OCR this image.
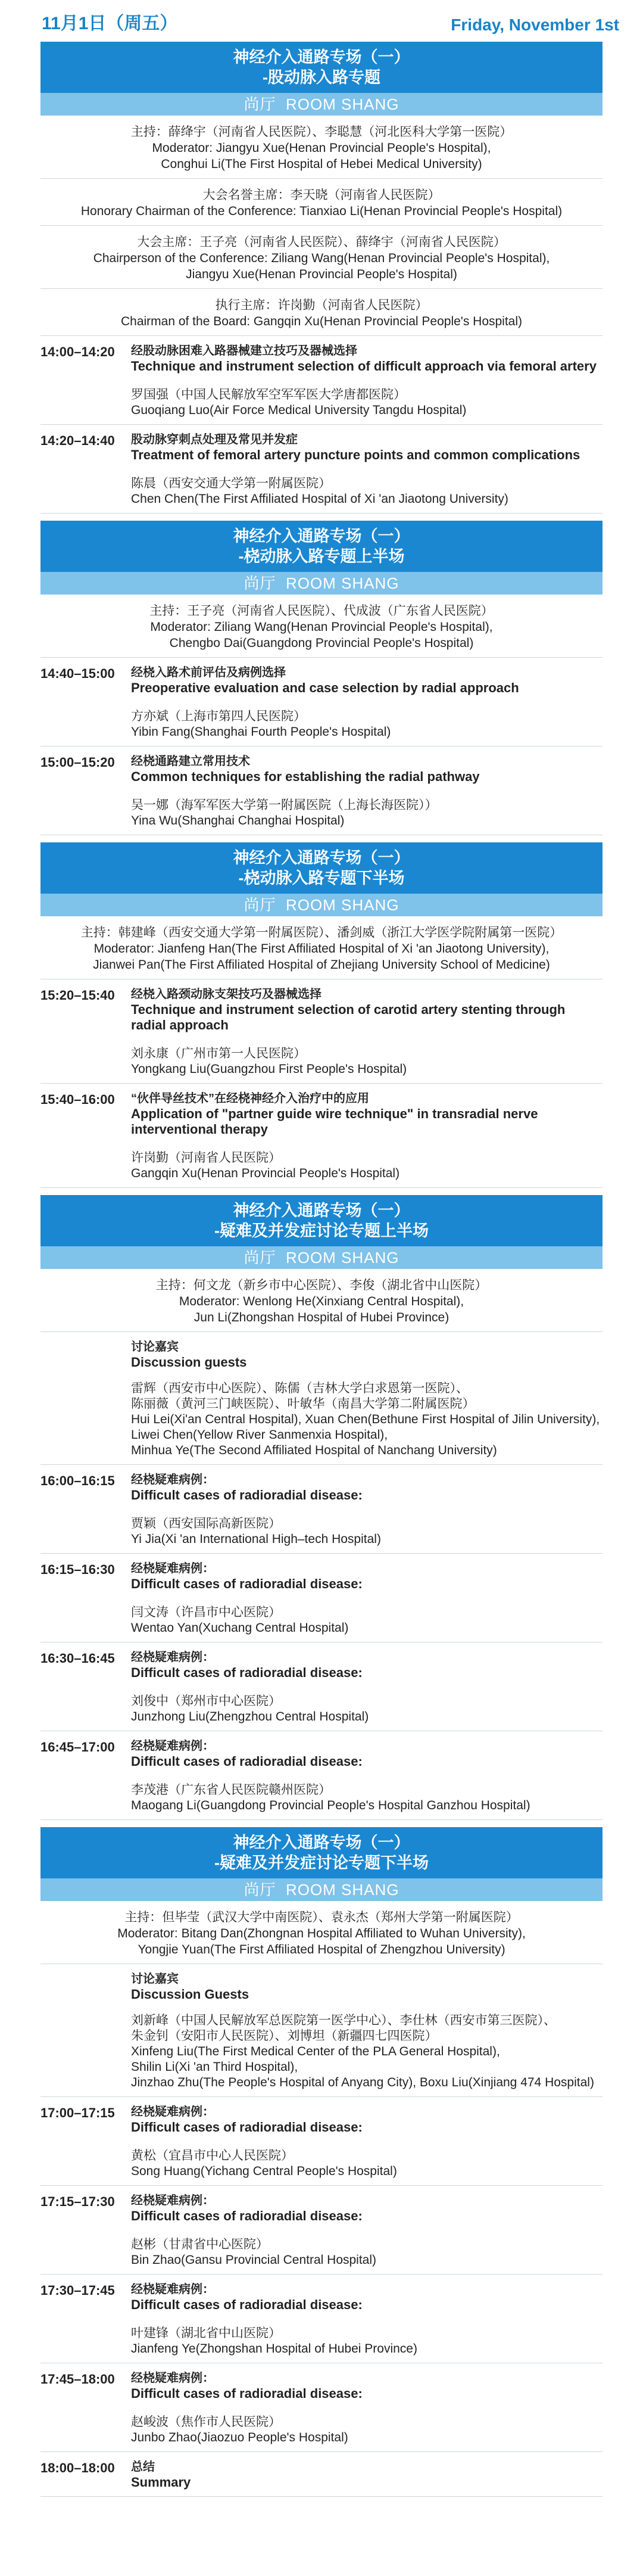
11月1日（周五）	Friday, November 1st
神经介入通路专场（一）
-股动脉入路专题
尚厅 ROOM SHANG
主持：薛绛宇（河南省人民医院）、李聪慧（河北医科大学第一医院）
Moderator: Jiangyu Xue(Henan Provincial People's Hospital),
Conghui Li(The First Hospital of Hebei Medical University)
大会名誉主席：李天晓（河南省人民医院）
Honorary Chairman of the Conference: Tianxiao Li(Henan Provincial People's Hospital)
大会主席：王子亮（河南省人民医院）、薛绛宇（河南省人民医院）
Chairperson of the Conference: Ziliang Wang(Henan Provincial People's Hospital),
Jiangyu Xue(Henan Provincial People's Hospital)
执行主席：许岗勤（河南省人民医院）
Chairman of the Board: Gangqin Xu(Henan Provincial People's Hospital)
14:00–14:20	经股动脉困难入路器械建立技巧及器械选择
Technique and instrument selection of difficult approach via femoral artery
罗国强（中国人民解放军空军军医大学唐都医院）
Guoqiang Luo(Air Force Medical University Tangdu Hospital)
14:20–14:40	股动脉穿刺点处理及常见并发症
Treatment of femoral artery puncture points and common complications
陈晨（西安交通大学第一附属医院）
Chen Chen(The First Affiliated Hospital of Xi 'an Jiaotong University)
神经介入通路专场（一）
-桡动脉入路专题上半场
尚厅 ROOM SHANG
主持：王子亮（河南省人民医院）、代成波（广东省人民医院）
Moderator: Ziliang Wang(Henan Provincial People's Hospital),
Chengbo Dai(Guangdong Provincial People's Hospital)
14:40–15:00	经桡入路术前评估及病例选择
Preoperative evaluation and case selection by radial approach
方亦斌（上海市第四人民医院）
Yibin Fang(Shanghai Fourth People's Hospital)
15:00–15:20	经桡通路建立常用技术
Common techniques for establishing the radial pathway
吴一娜（海军军医大学第一附属医院（上海长海医院））
Yina Wu(Shanghai Changhai Hospital)
神经介入通路专场（一）
-桡动脉入路专题下半场
尚厅 ROOM SHANG
主持：韩建峰（西安交通大学第一附属医院）、潘剑威（浙江大学医学院附属第一医院）
Moderator: Jianfeng Han(The First Affiliated Hospital of Xi 'an Jiaotong University),
Jianwei Pan(The First Affiliated Hospital of Zhejiang University School of Medicine)
15:20–15:40	经桡入路颈动脉支架技巧及器械选择
Technique and instrument selection of carotid artery stenting through radial approach
刘永康（广州市第一人民医院）
Yongkang Liu(Guangzhou First People's Hospital)
15:40–16:00	“伙伴导丝技术”在经桡神经介入治疗中的应用
Application of "partner guide wire technique" in transradial nerve interventional therapy
许岗勤（河南省人民医院）
Gangqin Xu(Henan Provincial People's Hospital)
神经介入通路专场（一）
-疑难及并发症讨论专题上半场
尚厅 ROOM SHANG
主持：何文龙（新乡市中心医院）、李俊（湖北省中山医院）
Moderator: Wenlong He(Xinxiang Central Hospital),
Jun Li(Zhongshan Hospital of Hubei Province)
讨论嘉宾
Discussion guests
雷辉（西安市中心医院）、陈儒（吉林大学白求恩第一医院）、
陈丽薇（黄河三门峡医院）、叶敏华（南昌大学第二附属医院）
Hui Lei(Xi'an Central Hospital), Xuan Chen(Bethune First Hospital of Jilin University),
Liwei Chen(Yellow River Sanmenxia Hospital),
Minhua Ye(The Second Affiliated Hospital of Nanchang University)
16:00–16:15	经桡疑难病例：
Difficult cases of radioradial disease:
贾颖（西安国际高新医院）
Yi Jia(Xi 'an International High–tech Hospital)
16:15–16:30	经桡疑难病例：
Difficult cases of radioradial disease:
闫文涛（许昌市中心医院）
Wentao Yan(Xuchang Central Hospital)
16:30–16:45	经桡疑难病例：
Difficult cases of radioradial disease:
刘俊中（郑州市中心医院）
Junzhong Liu(Zhengzhou Central Hospital)
16:45–17:00	经桡疑难病例：
Difficult cases of radioradial disease:
李茂港（广东省人民医院赣州医院）
Maogang Li(Guangdong Provincial People's Hospital Ganzhou Hospital)
神经介入通路专场（一）
-疑难及并发症讨论专题下半场
尚厅 ROOM SHANG
主持：但毕莹（武汉大学中南医院）、袁永杰（郑州大学第一附属医院）
Moderator: Bitang Dan(Zhongnan Hospital Affiliated to Wuhan University),
Yongjie Yuan(The First Affiliated Hospital of Zhengzhou University)
讨论嘉宾
Discussion Guests
刘新峰（中国人民解放军总医院第一医学中心）、李仕林（西安市第三医院）、
朱金钊（安阳市人民医院）、刘博坦（新疆四七四医院）
Xinfeng Liu(The First Medical Center of the PLA General Hospital),
Shilin Li(Xi 'an Third Hospital),
Jinzhao Zhu(The People's Hospital of Anyang City), Boxu Liu(Xinjiang 474 Hospital)
17:00–17:15	经桡疑难病例：
Difficult cases of radioradial disease:
黄松（宜昌市中心人民医院）
Song Huang(Yichang Central People's Hospital)
17:15–17:30	经桡疑难病例：
Difficult cases of radioradial disease:
赵彬（甘肃省中心医院）
Bin Zhao(Gansu Provincial Central Hospital)
17:30–17:45	经桡疑难病例：
Difficult cases of radioradial disease:
叶建锋（湖北省中山医院）
Jianfeng Ye(Zhongshan Hospital of Hubei Province)
17:45–18:00	经桡疑难病例：
Difficult cases of radioradial disease:
赵峻波（焦作市人民医院）
Junbo Zhao(Jiaozuo People's Hospital)
18:00–18:00	总结
Summary
